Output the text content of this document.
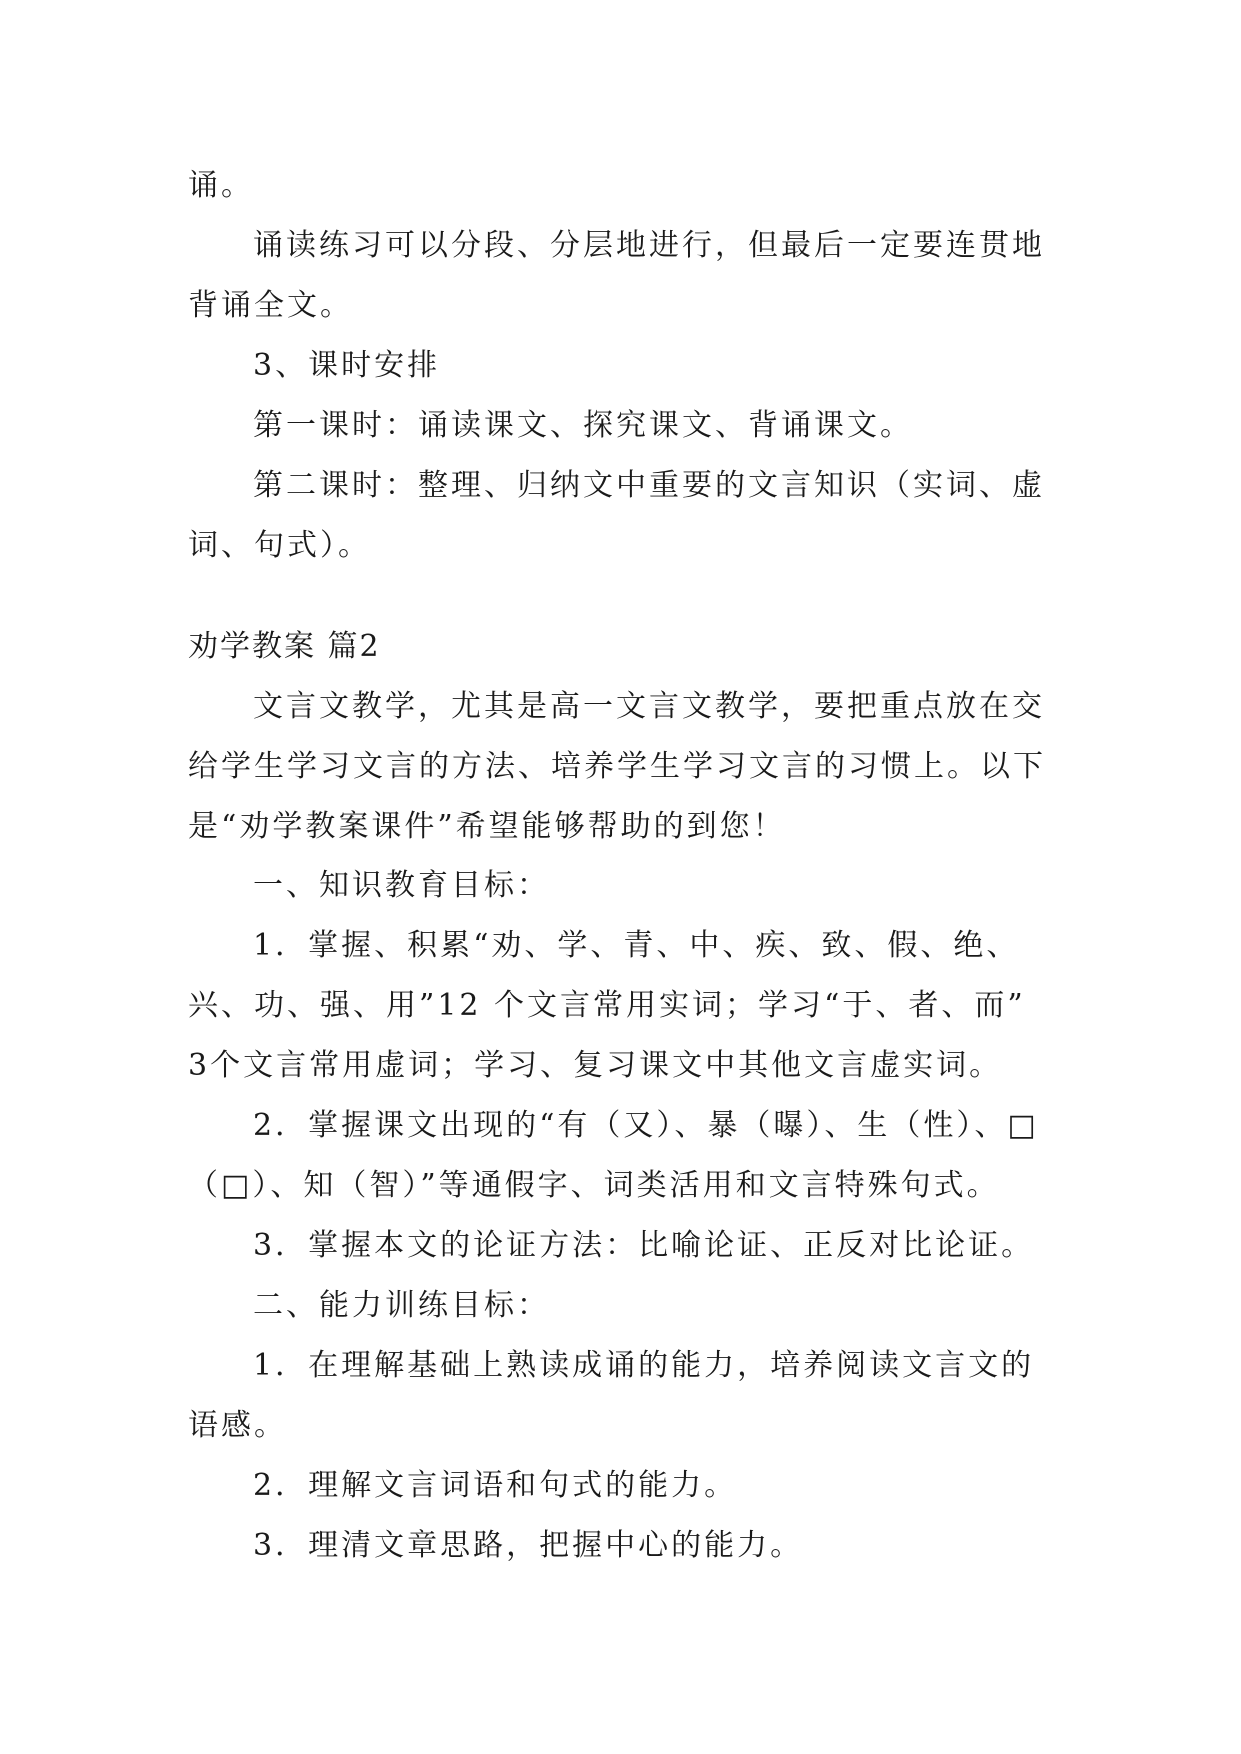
诵。
诵读练习可以分段、分层地进行，但最后一定要连贯地
背诵全文。
3、课时安排
第一课时：诵读课文、探究课文、背诵课文。
第二课时：整理、归纳文中重要的文言知识（实词、虚
词、句式）。
劝学教案 篇2
文言文教学，尤其是高一文言文教学，要把重点放在交
给学生学习文言的方法、培养学生学习文言的习惯上。以下
是“劝学教案课件”希望能够帮助的到您！
一、知识教育目标：
1．掌握、积累“劝、学、青、中、疾、致、假、绝、
兴、功、强、用”12 个文言常用实词；学习“于、者、而”
3个文言常用虚词；学习、复习课文中其他文言虚实词。
2．掌握课文出现的“有（又）、暴（曝）、生（性）、□
（□）、知（智）”等通假字、词类活用和文言特殊句式。
3．掌握本文的论证方法：比喻论证、正反对比论证。
二、能力训练目标：
1．在理解基础上熟读成诵的能力，培养阅读文言文的
语感。
2．理解文言词语和句式的能力。
3．理清文章思路，把握中心的能力。
